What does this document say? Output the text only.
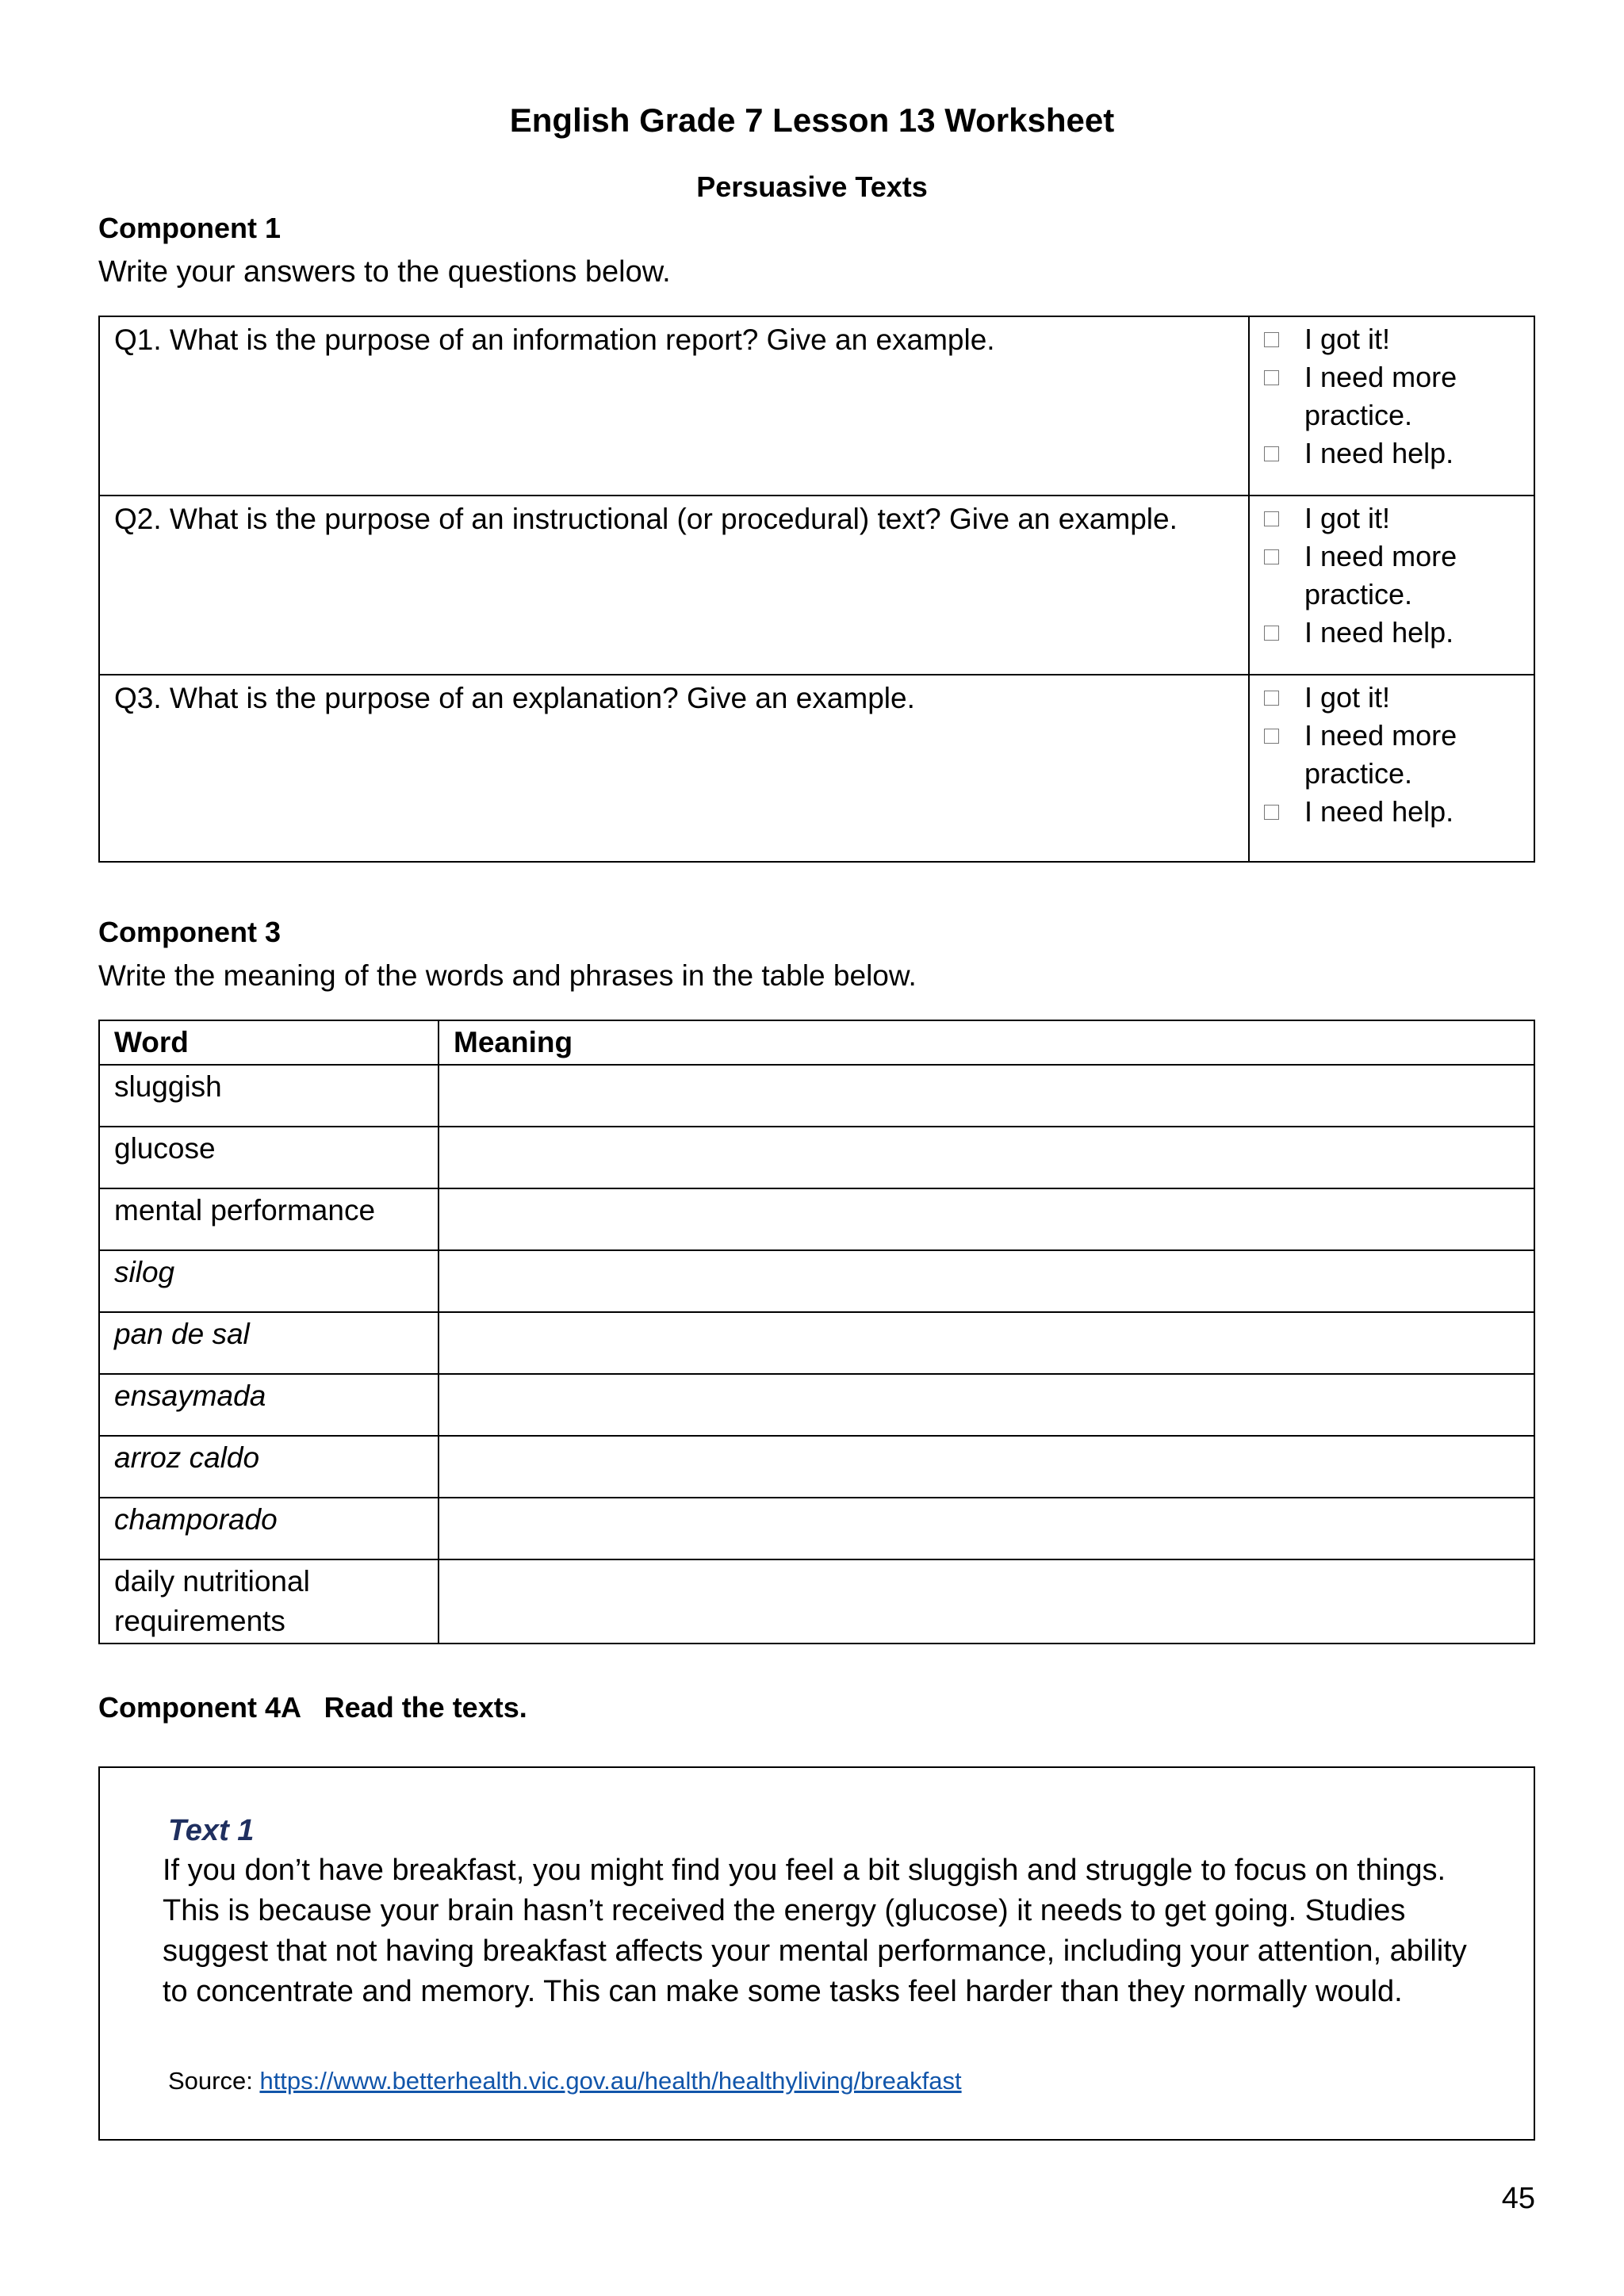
English Grade 7 Lesson 13 Worksheet
Persuasive Texts
Component 1
Write your answers to the questions below.
Q1. What is the purpose of an information report? Give an example.	I got it!
I need more practice.
I need help.
Q2. What is the purpose of an instructional (or procedural) text? Give an example.	I got it!
I need more practice.
I need help.
Q3. What is the purpose of an explanation? Give an example.	I got it!
I need more practice.
I need help.
Component 3
Write the meaning of the words and phrases in the table below.
Word	Meaning
sluggish	
glucose	
mental performance	
silog	
pan de sal	
ensaymada	
arroz caldo	
champorado	
daily nutritional requirements	
Component 4A   Read the texts.
Text 1
If you don’t have breakfast, you might find you feel a bit sluggish and struggle to focus on things. This is because your brain hasn’t received the energy (glucose) it needs to get going. Studies suggest that not having breakfast affects your mental performance, including your attention, ability to concentrate and memory. This can make some tasks feel harder than they normally would.
Source: https://www.betterhealth.vic.gov.au/health/healthyliving/breakfast
45
